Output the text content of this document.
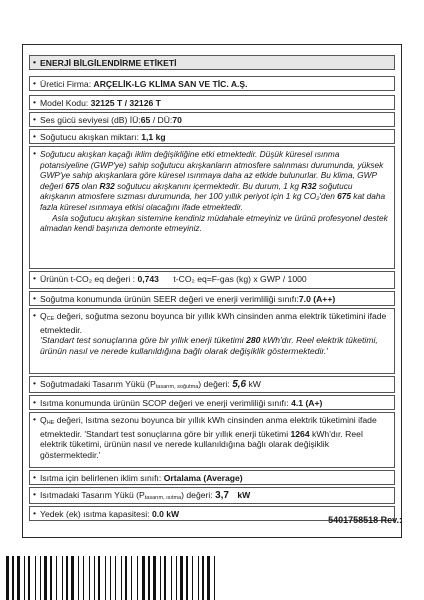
• ENERJİ BİLGİLENDİRME ETİKETİ
• Üretici Firma: ARÇELİK-LG KLİMA SAN VE TİC. A.Ş.
• Model Kodu: 32125 T / 32126 T
• Ses gücü seviyesi (dB) İÜ:65 / DÜ:70
• Soğutucu akışkan miktarı: 1,1 kg
• Soğutucu akışkan kaçağı iklim değişikliğine etki etmektedir. Düşük küresel ısınma potansiyeline (GWP'ye) sahip soğutucu akışkanların atmosfere salınması durumunda, yüksek GWP'ye sahip akışkanlara göre küresel ısınmaya daha az etkide bulunurlar. Bu klima, GWP değeri 675 olan R32 soğutucu akışkanını içermektedir. Bu durum, 1 kg R32 soğutucu akışkanın atmosfere sızması durumunda, her 100 yıllık periyot için 1 kg CO₂'den 675 kat daha fazla küresel ısınmaya etkisi olacağını ifade etmektedir.

Asla soğutucu akışkan sistemine kendiniz müdahale etmeyiniz ve ürünü profesyonel destek almadan kendi başınıza demonte etmeyiniz.

• Ürünün t-CO₂ eq değeri : 0,743 t-CO₂ eq=F-gas (kg) x GWP / 1000
• Soğutma konumunda ürünün SEER değeri ve enerji verimliliği sınıfı:7.0 (A++)
• QCE değeri, soğutma sezonu boyunca bir yıllık kWh cinsinden anma elektrik tüketimini ifade etmektedir.

'Standart test sonuçlarına göre bir yıllık enerji tüketimi 280 kWh'dır. Reel elektrik tüketimi, ürünün nasıl ve nerede kullanıldığına bağlı olarak değişiklik göstermektedir.'

• Soğutmadaki Tasarım Yükü (Ptasarım, soğutma) değeri: 5,6 kW
• Isıtma konumunda ürünün SCOP değeri ve enerji verimliliği sınıfı: 4.1 (A+)
• QHE değeri, Isıtma sezonu boyunca bir yıllık kWh cinsinden anma elektrik tüketimini ifade etmektedir. 'Standart test sonuçlarına göre bir yıllık enerji tüketimi 1264 kWh'dır. Reel elektrik tüketimi, ürünün nasıl ve nerede kullanıldığına bağlı olarak değişiklik göstermektedir.'

• Isıtma için belirlenen iklim sınıfı: Ortalama (Average)
• Isıtmadaki Tasarım Yükü (Ptasarım, ısıtma) değeri: 3,7 kW
• Yedek (ek) ısıtma kapasitesi: 0.0 kW
5401758518 Rev.:
